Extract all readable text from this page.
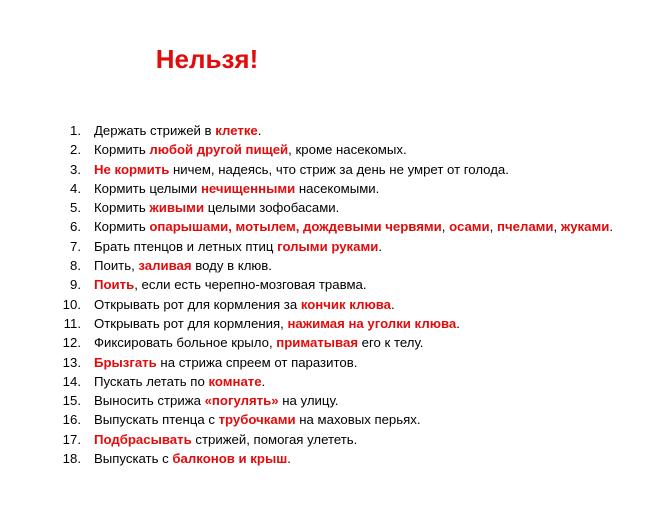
Нельзя!
1. Держать стрижей в клетке.
2. Кормить любой другой пищей, кроме насекомых.
3. Не кормить ничем, надеясь, что стриж за день не умрет от голода.
4. Кормить целыми нечищенными насекомыми.
5. Кормить живыми целыми зофобасами.
6. Кормить опарышами, мотылем, дождевыми червями, осами, пчелами, жуками.
7. Брать птенцов и летных птиц голыми руками.
8. Поить, заливая воду в клюв.
9. Поить, если есть черепно-мозговая травма.
10. Открывать рот для кормления за кончик клюва.
11. Открывать рот для кормления, нажимая на уголки клюва.
12. Фиксировать больное крыло, приматывая его к телу.
13. Брызгать на стрижа спреем от паразитов.
14. Пускать летать по комнате.
15. Выносить стрижа «погулять» на улицу.
16. Выпускать птенца с трубочками на маховых перьях.
17. Подбрасывать стрижей, помогая улететь.
18. Выпускать с балконов и крыш.
